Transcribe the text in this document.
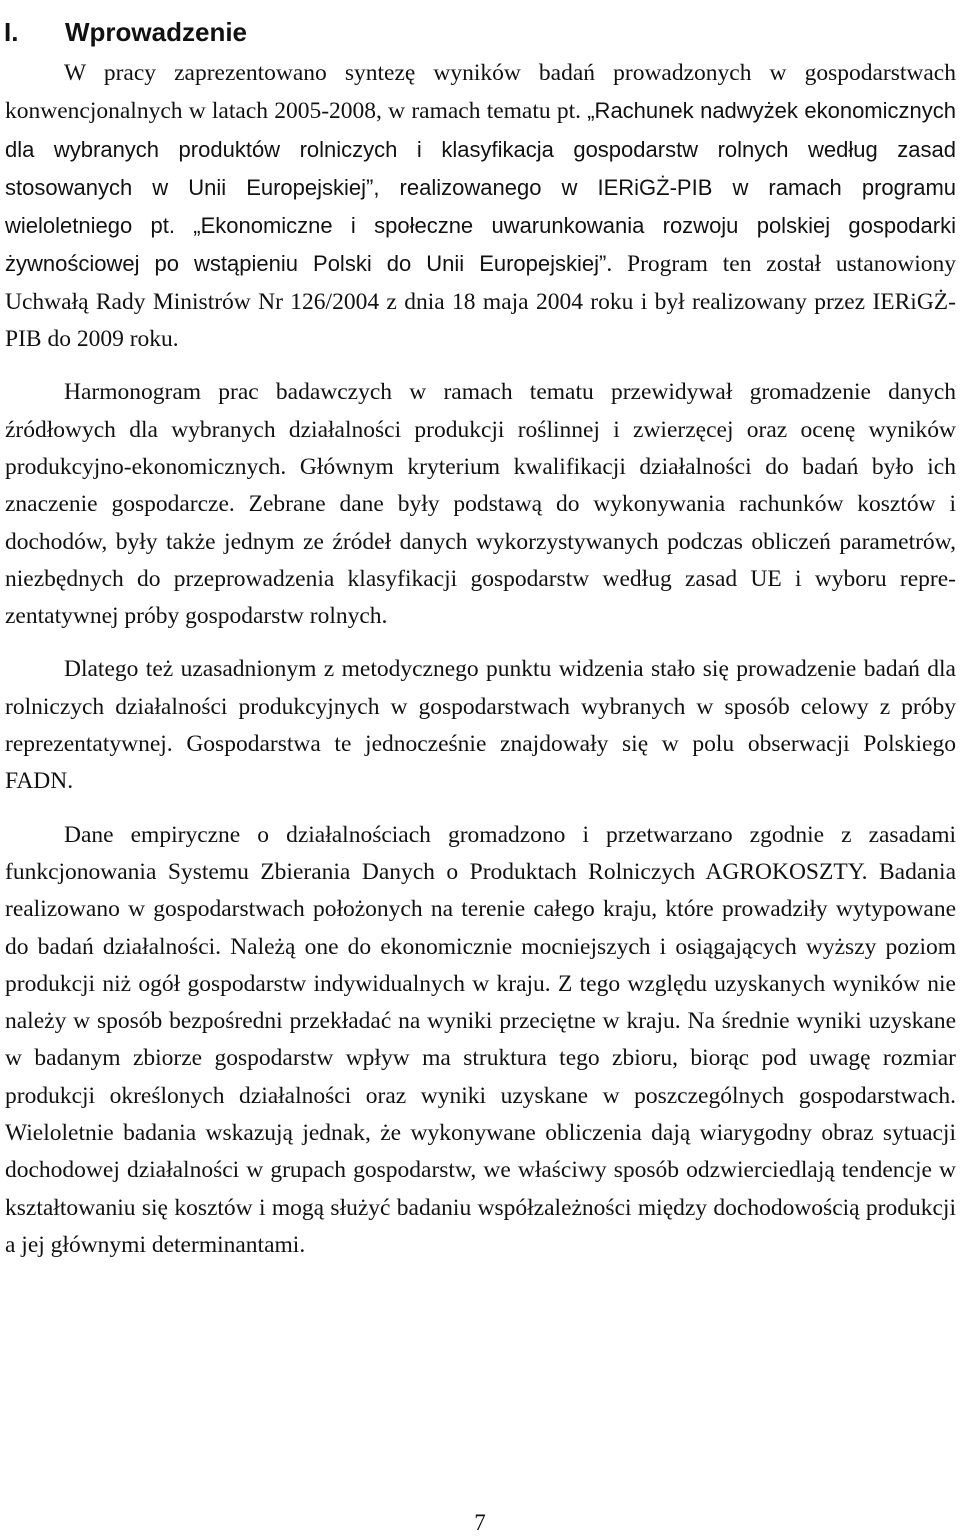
I. Wprowadzenie

W pracy zaprezentowano syntezę wyników badań prowadzonych w gospodarstwach konwencjonalnych w latach 2005-2008, w ramach tematu pt. „Rachunek nadwyżek ekonomicznych dla wybranych produktów rolniczych i klasyfikacja gospodarstw rolnych według zasad stosowanych w Unii Europejskiej”, realizowanego w IERiGŻ-PIB w ramach programu wieloletniego pt. „Ekonomiczne i społeczne uwarunkowania rozwoju polskiej gospodarki żywnościowej po wstąpieniu Polski do Unii Europejskiej”. Program ten został ustanowiony Uchwałą Rady Ministrów Nr 126/2004 z dnia 18 maja 2004 roku i był realizowany przez IERiGŻ-PIB do 2009 roku.

Harmonogram prac badawczych w ramach tematu przewidywał gromadzenie danych źródłowych dla wybranych działalności produkcji roślinnej i zwierzęcej oraz ocenę wyników produkcyjno-ekonomicznych. Głównym kryterium kwalifikacji działalności do badań było ich znaczenie gospodarcze. Zebrane dane były podstawą do wykonywania rachunków kosztów i dochodów, były także jednym ze źródeł danych wykorzystywanych podczas obliczeń parametrów, niezbędnych do przeprowadzenia klasyfikacji gospodarstw według zasad UE i wyboru reprezentatywnej próby gospodarstw rolnych.

Dlatego też uzasadnionym z metodycznego punktu widzenia stało się prowadzenie badań dla rolniczych działalności produkcyjnych w gospodarstwach wybranych w sposób celowy z próby reprezentatywnej. Gospodarstwa te jednocześnie znajdowały się w polu obserwacji Polskiego FADN.

Dane empiryczne o działalnościach gromadzono i przetwarzano zgodnie z zasadami funkcjonowania Systemu Zbierania Danych o Produktach Rolniczych AGROKOSZTY. Badania realizowano w gospodarstwach położonych na terenie całego kraju, które prowadziły wytypowane do badań działalności. Należą one do ekonomicznie mocniejszych i osiągających wyższy poziom produkcji niż ogół gospodarstw indywidualnych w kraju. Z tego względu uzyskanych wyników nie należy w sposób bezpośredni przekładać na wyniki przeciętne w kraju. Na średnie wyniki uzyskane w badanym zbiorze gospodarstw wpływ ma struktura tego zbioru, biorąc pod uwagę rozmiar produkcji określonych działalności oraz wyniki uzyskane w poszczególnych gospodarstwach. Wieloletnie badania wskazują jednak, że wykonywane obliczenia dają wiarygodny obraz sytuacji dochodowej działalności w grupach gospodarstw, we właściwy sposób odzwierciedlają tendencje w kształtowaniu się kosztów i mogą służyć badaniu współzależności między dochodowością produkcji a jej głównymi determinantami.

7
